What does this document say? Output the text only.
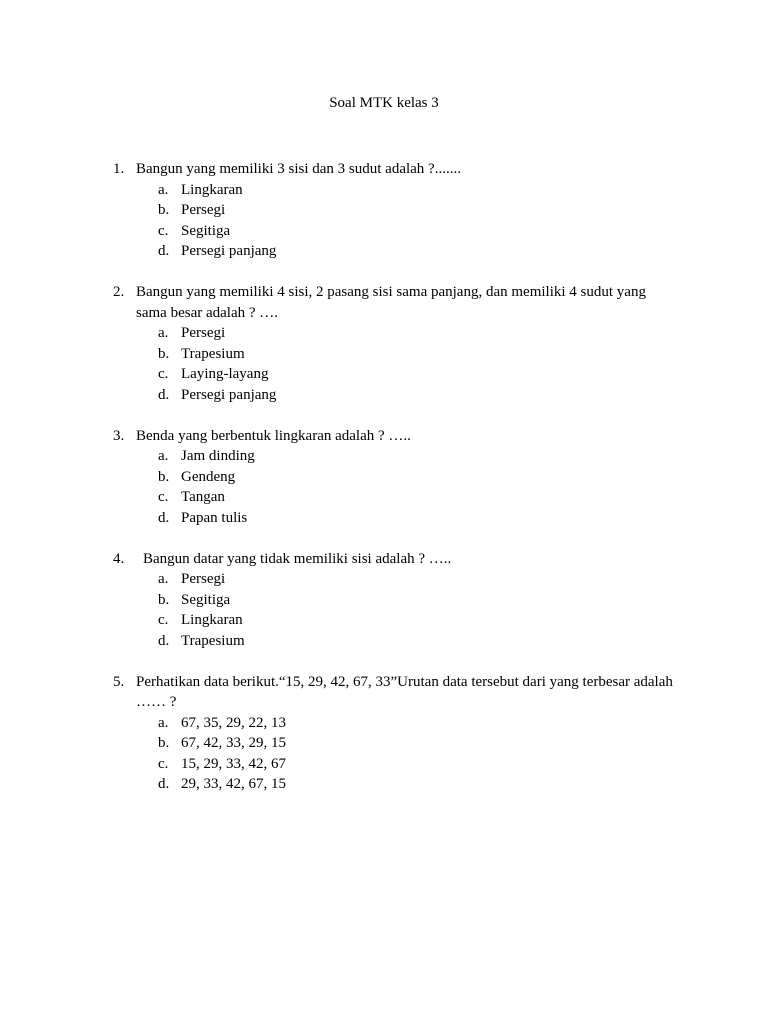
Soal MTK kelas 3
1. Bangun yang memiliki 3 sisi dan 3 sudut adalah ?.......
a. Lingkaran
b. Persegi
c. Segitiga
d. Persegi panjang
2. Bangun yang memiliki 4 sisi, 2 pasang sisi sama panjang, dan memiliki 4 sudut yang sama besar adalah ? ….
a. Persegi
b. Trapesium
c. Laying-layang
d. Persegi panjang
3. Benda yang berbentuk lingkaran adalah ? …..
a. Jam dinding
b. Gendeng
c. Tangan
d. Papan tulis
4. Bangun datar yang tidak memiliki sisi adalah ? …..
a. Persegi
b. Segitiga
c. Lingkaran
d. Trapesium
5. Perhatikan data berikut.“15, 29, 42, 67, 33”Urutan data tersebut dari yang terbesar adalah …… ?
a. 67, 35, 29, 22, 13
b. 67, 42, 33, 29, 15
c. 15, 29, 33, 42, 67
d. 29, 33, 42, 67, 15
